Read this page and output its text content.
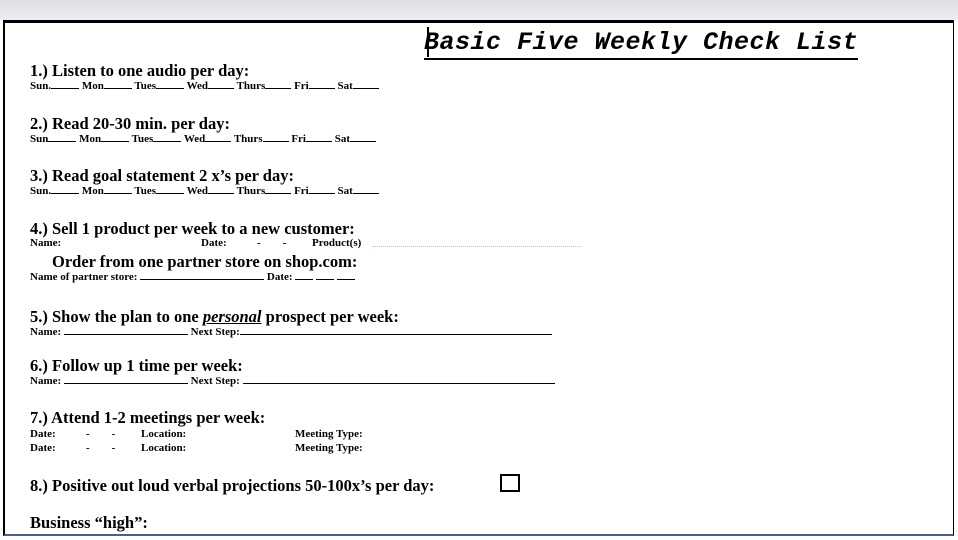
Basic Five Weekly Check List
1.) Listen to one audio per day:
Sun.	Mon	Tues	Wed	Thurs	Fri	Sat
2.) Read 20-30 min. per day:
Sun	Mon	Tues	Wed	Thurs	Fri	Sat
3.) Read goal statement 2 x’s per day:
Sun.	Mon	Tues	Wed	Thurs	Fri	Sat
4.) Sell 1 product per week to a new customer:
Name:	Date:	-        - Product(s)
Order from one partner store on shop.com:
Name of partner store:	Date:
5.) Show the plan to one personal prospect per week:
Name:	Next Step:
6.) Follow up 1 time per week:
Name:	Next Step:
7.) Attend 1-2 meetings per week:
Date:	-        - Location:	Meeting Type:
Date:	-        - Location:	Meeting Type:
8.) Positive out loud verbal projections 50-100x’s per day:
Business “high”:
